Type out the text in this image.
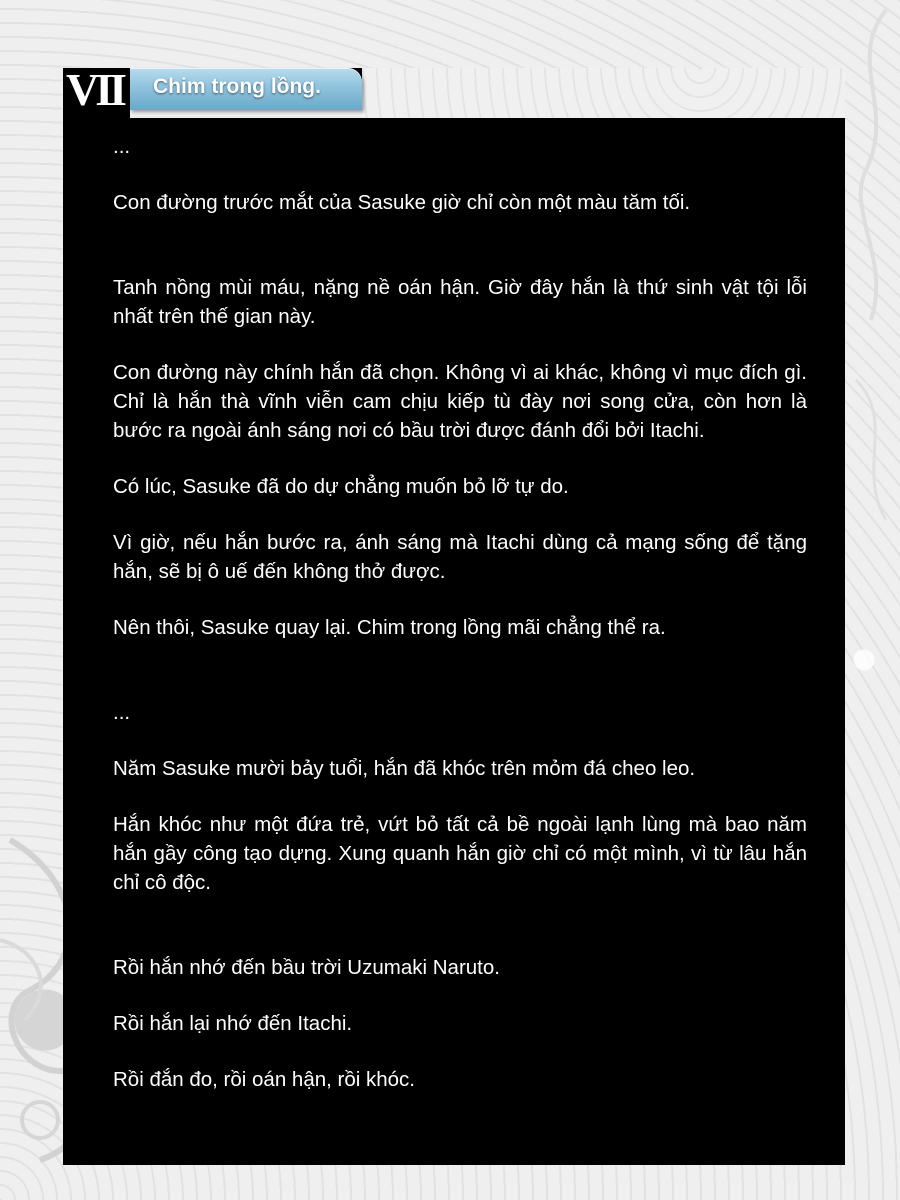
VII Chim trong lồng.

...

Con đường trước mắt của Sasuke giờ chỉ còn một màu tăm tối.

Tanh nồng mùi máu, nặng nề oán hận. Giờ đây hắn là thứ sinh vật tội lỗi nhất trên thế gian này.

Con đường này chính hắn đã chọn. Không vì ai khác, không vì mục đích gì. Chỉ là hắn thà vĩnh viễn cam chịu kiếp tù đày nơi song cửa, còn hơn là bước ra ngoài ánh sáng nơi có bầu trời được đánh đổi bởi Itachi.

Có lúc, Sasuke đã do dự chẳng muốn bỏ lỡ tự do.

Vì giờ, nếu hắn bước ra, ánh sáng mà Itachi dùng cả mạng sống để tặng hắn, sẽ bị ô uế đến không thở được.

Nên thôi, Sasuke quay lại. Chim trong lồng mãi chẳng thể ra.

...

Năm Sasuke mười bảy tuổi, hắn đã khóc trên mỏm đá cheo leo.

Hắn khóc như một đứa trẻ, vứt bỏ tất cả bề ngoài lạnh lùng mà bao năm hắn gầy công tạo dựng. Xung quanh hắn giờ chỉ có một mình, vì từ lâu hắn chỉ cô độc.

Rồi hắn nhớ đến bầu trời Uzumaki Naruto.

Rồi hắn lại nhớ đến Itachi.

Rồi đắn đo, rồi oán hận, rồi khóc.
